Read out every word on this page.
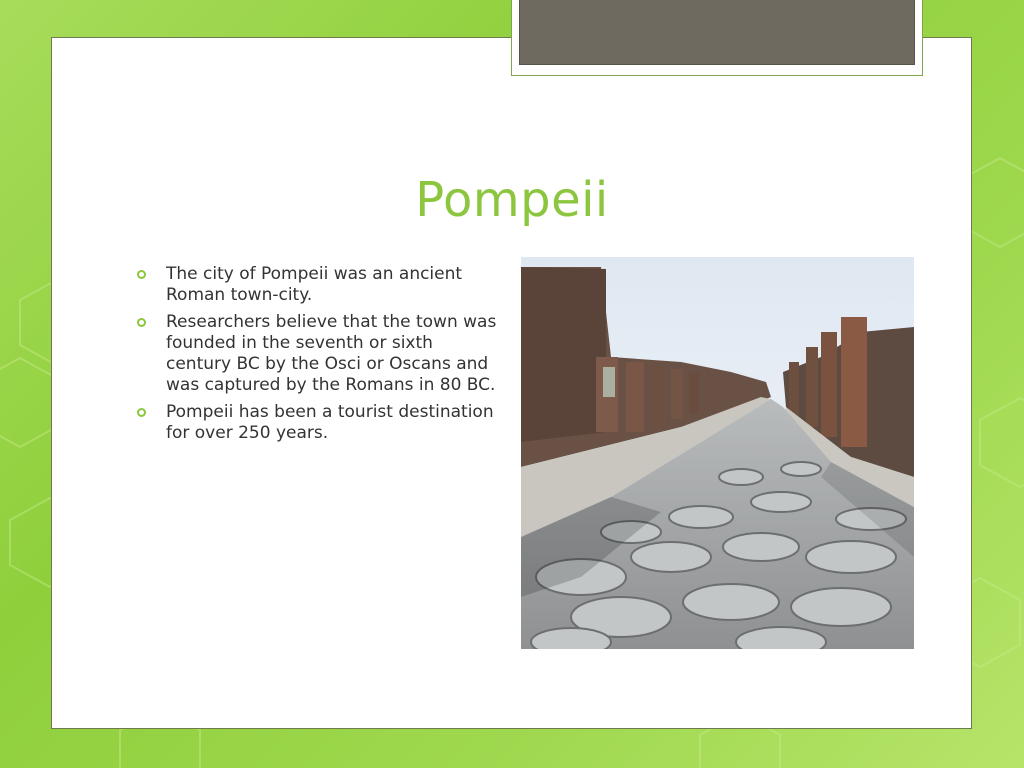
Pompeii
The city of Pompeii was an ancient Roman town-city.
Researchers believe that the town was founded in the seventh or sixth century BC by the Osci or Oscans and was captured by the Romans in 80 BC.
Pompeii has been a tourist destination for over 250 years.
